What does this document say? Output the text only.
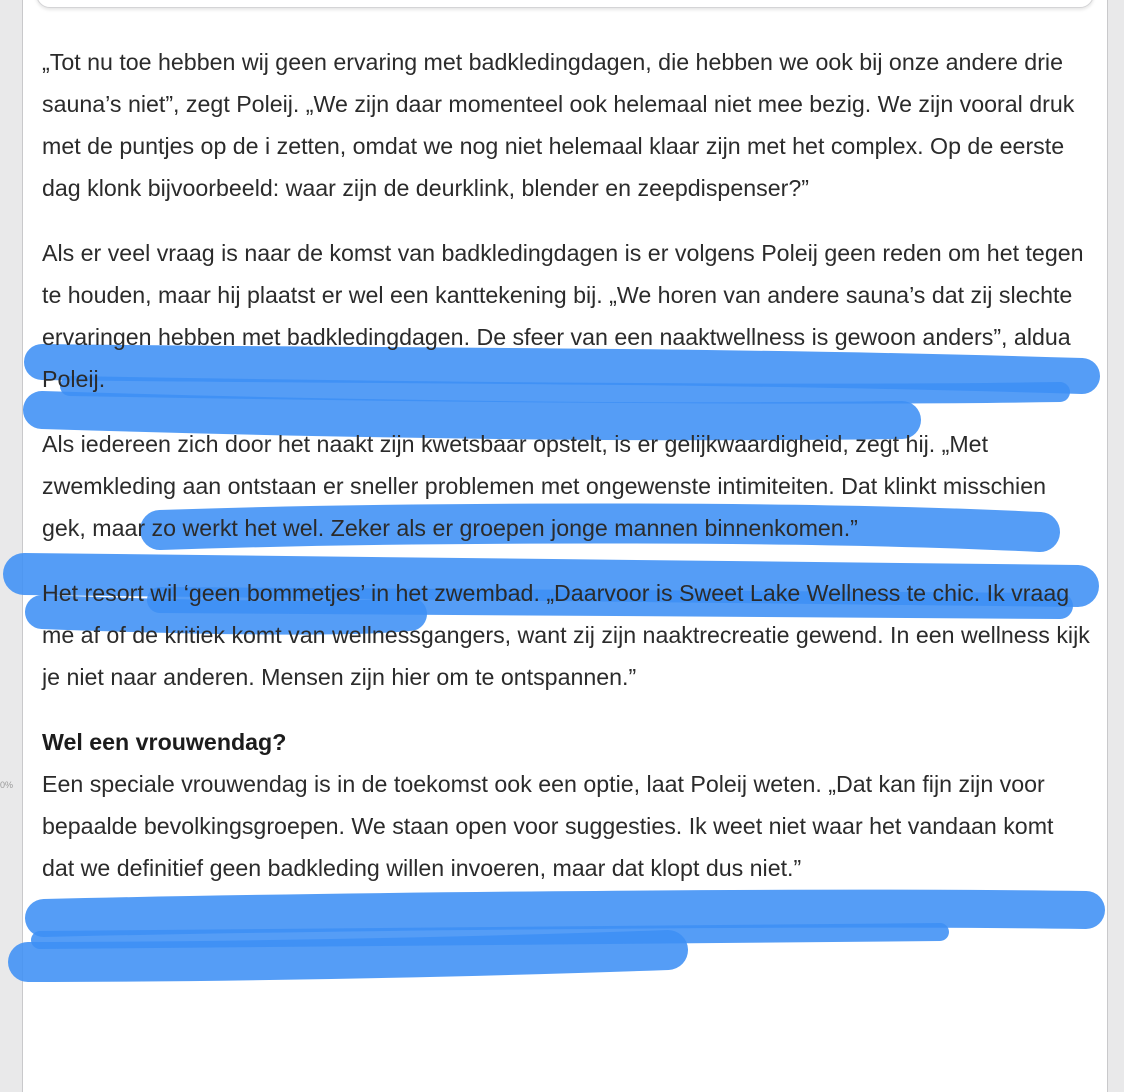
0%

„Tot nu toe hebben wij geen ervaring met badkledingdagen, die hebben we ook bij onze andere drie sauna’s niet”, zegt Poleij. „We zijn daar momenteel ook helemaal niet mee bezig. We zijn vooral druk met de puntjes op de i zetten, omdat we nog niet helemaal klaar zijn met het complex. Op de eerste dag klonk bijvoorbeeld: waar zijn de deurklink, blender en zeepdispenser?”

Als er veel vraag is naar de komst van badkledingdagen is er volgens Poleij geen reden om het tegen te houden, maar hij plaatst er wel een kanttekening bij. „We horen van andere sauna’s dat zij slechte ervaringen hebben met badkledingdagen. De sfeer van een naaktwellness is gewoon anders”, aldua Poleij.

Als iedereen zich door het naakt zijn kwetsbaar opstelt, is er gelijkwaardigheid, zegt hij. „Met zwemkleding aan ontstaan er sneller problemen met ongewenste intimiteiten. Dat klinkt misschien gek, maar zo werkt het wel. Zeker als er groepen jonge mannen binnenkomen.”

Het resort wil ‘geen bommetjes’ in het zwembad. „Daarvoor is Sweet Lake Wellness te chic. Ik vraag me af of de kritiek komt van wellnessgangers, want zij zijn naaktrecreatie gewend. In een wellness kijk je niet naar anderen. Mensen zijn hier om te ontspannen.”

Wel een vrouwendag?

Een speciale vrouwendag is in de toekomst ook een optie, laat Poleij weten. „Dat kan fijn zijn voor bepaalde bevolkingsgroepen. We staan open voor suggesties. Ik weet niet waar het vandaan komt dat we definitief geen badkleding willen invoeren, maar dat klopt dus niet.”
